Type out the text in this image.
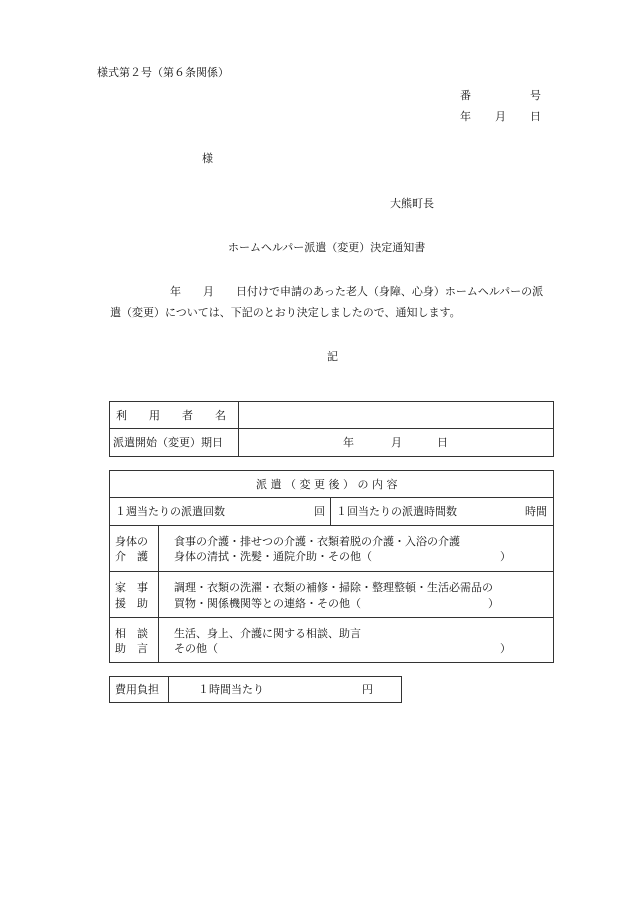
様式第２号（第６条関係）
番	号
年 月 日
様
大熊町長
ホームヘルパー派遣（変更）決定通知書
年 月 日付けで申請のあった老人（身障、心身）ホームヘルパーの派
遣（変更）については、下記のとおり決定しましたので、通知します。
記
利　　用　　者　　名
派遣開始（変更）期日	年	月	日
派 遣 （ 変 更 後 ） の 内 容
１週当たりの派遣回数	回 １回当たりの派遣時間数	時間
身体の
介　護
食事の介護・排せつの介護・衣類着脱の介護・入浴の介護
身体の清拭・洗髪・通院介助・その他（	）
家　事
援　助
調理・衣類の洗濯・衣類の補修・掃除・整理整頓・生活必需品の
買物・関係機関等との連絡・その他（	）
相　談
助　言
生活、身上、介護に関する相談、助言
その他（	）
費用負担	１時間当たり	円
